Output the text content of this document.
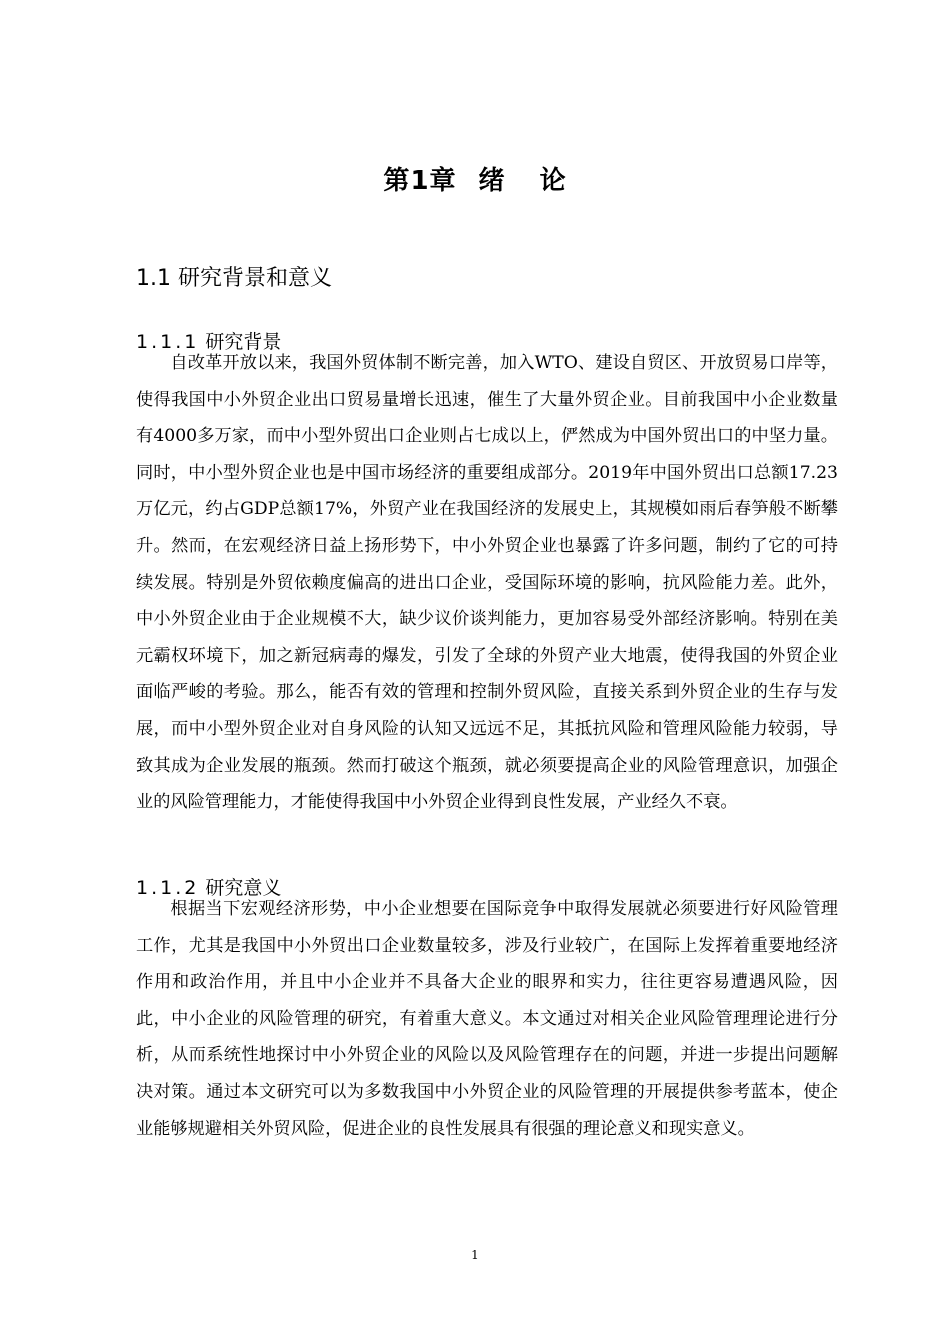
第1章 绪 论
1.1 研究背景和意义
1.1.1 研究背景

自改革开放以来，我国外贸体制不断完善，加入WTO、建设自贸区、开放贸易口岸等，使得我国中小外贸企业出口贸易量增长迅速，催生了大量外贸企业。目前我国中小企业数量有4000多万家，而中小型外贸出口企业则占七成以上，俨然成为中国外贸出口的中坚力量。同时，中小型外贸企业也是中国市场经济的重要组成部分。2019年中国外贸出口总额17.23万亿元，约占GDP总额17%，外贸产业在我国经济的发展史上，其规模如雨后春笋般不断攀升。然而，在宏观经济日益上扬形势下，中小外贸企业也暴露了许多问题，制约了它的可持续发展。特别是外贸依赖度偏高的进出口企业，受国际环境的影响，抗风险能力差。此外，中小外贸企业由于企业规模不大，缺少议价谈判能力，更加容易受外部经济影响。特别在美元霸权环境下，加之新冠病毒的爆发，引发了全球的外贸产业大地震，使得我国的外贸企业面临严峻的考验。那么，能否有效的管理和控制外贸风险，直接关系到外贸企业的生存与发展，而中小型外贸企业对自身风险的认知又远远不足，其抵抗风险和管理风险能力较弱，导致其成为企业发展的瓶颈。然而打破这个瓶颈，就必须要提高企业的风险管理意识，加强企业的风险管理能力，才能使得我国中小外贸企业得到良性发展，产业经久不衰。

1.1.2 研究意义

根据当下宏观经济形势，中小企业想要在国际竞争中取得发展就必须要进行好风险管理工作，尤其是我国中小外贸出口企业数量较多，涉及行业较广，在国际上发挥着重要地经济作用和政治作用，并且中小企业并不具备大企业的眼界和实力，往往更容易遭遇风险，因此，中小企业的风险管理的研究，有着重大意义。本文通过对相关企业风险管理理论进行分析，从而系统性地探讨中小外贸企业的风险以及风险管理存在的问题，并进一步提出问题解决对策。通过本文研究可以为多数我国中小外贸企业的风险管理的开展提供参考蓝本，使企业能够规避相关外贸风险，促进企业的良性发展具有很强的理论意义和现实意义。

1
